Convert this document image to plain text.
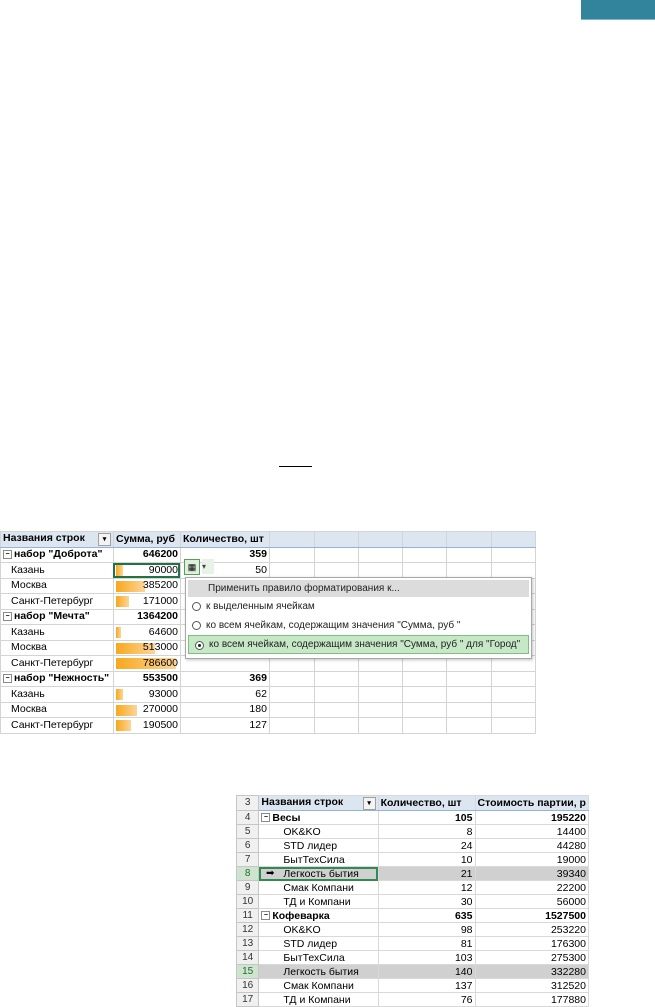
Названия строк ▾	Сумма, руб	Количество, шт						
− набор "Доброта"	646200	359						
Казань	90000	50						
Москва	385200							
Санкт-Петербург	171000							
− набор "Мечта"	1364200							
Казань	64600							
Москва	513000							
Санкт-Петербург	786600							
− набор "Нежность"	553500	369						
Казань	93000	62						
Москва	270000	180						
Санкт-Петербург	190500	127						
▦ ▾
Применить правило форматирования к...
к выделенным ячейкам
ко всем ячейкам, содержащим значения "Сумма, руб "
ко всем ячейкам, содержащим значения "Сумма, руб " для "Город"
3	Названия строк ▾	Количество, шт	Стоимость партии, р
4	− Весы	105	195220
5	OK&KO	8	14400
6	STD лидер	24	44280
7	БытТехСила	10	19000
8	➡ Легкость бытия	21	39340
9	Смак Компани	12	22200
10	ТД и Компани	30	56000
11	− Кофеварка	635	1527500
12	OK&KO	98	253220
13	STD лидер	81	176300
14	БытТехСила	103	275300
15	Легкость бытия	140	332280
16	Смак Компани	137	312520
17	ТД и Компани	76	177880
